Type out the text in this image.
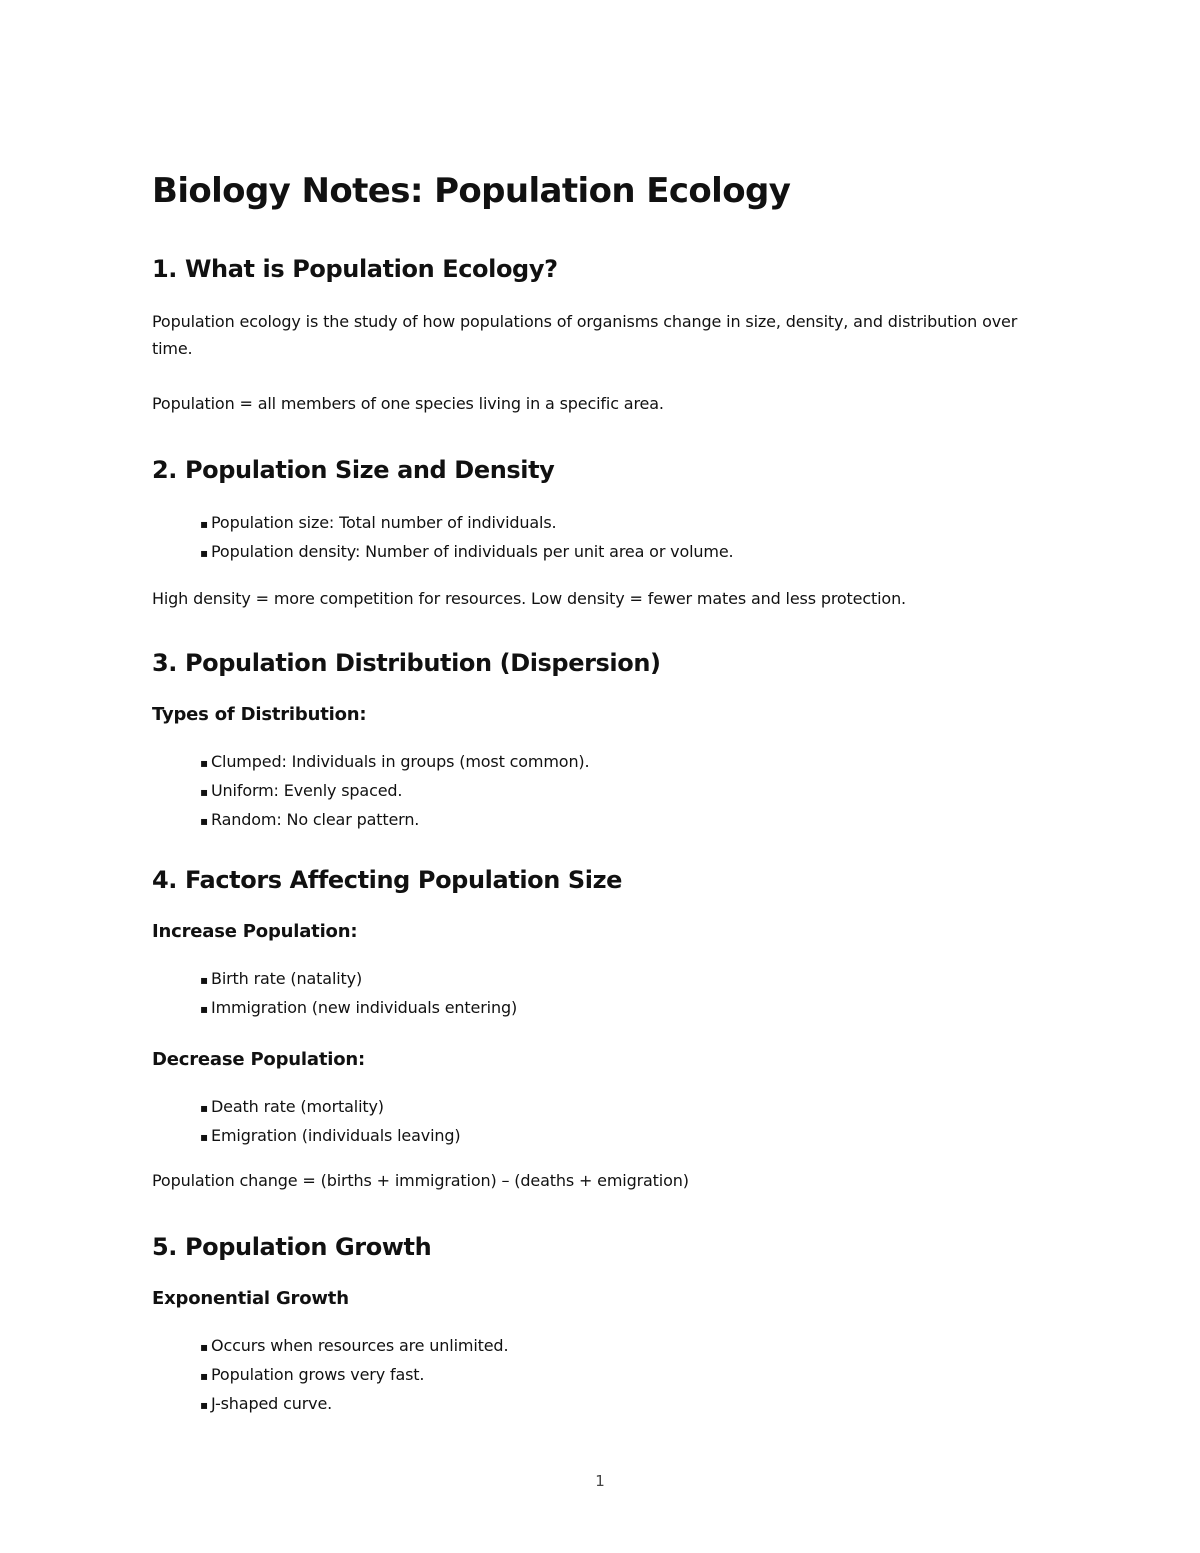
Biology Notes: Population Ecology
1. What is Population Ecology?

Population ecology is the study of how populations of organisms change in size, density, and distribution over time.

Population = all members of one species living in a specific area.

2. Population Size and Density
▪ Population size: Total number of individuals.
▪ Population density: Number of individuals per unit area or volume.

High density = more competition for resources. Low density = fewer mates and less protection.

3. Population Distribution (Dispersion)
Types of Distribution:
▪ Clumped: Individuals in groups (most common).
▪ Uniform: Evenly spaced.
▪ Random: No clear pattern.
4. Factors Affecting Population Size
Increase Population:
▪ Birth rate (natality)
▪ Immigration (new individuals entering)
Decrease Population:
▪ Death rate (mortality)
▪ Emigration (individuals leaving)

Population change = (births + immigration) – (deaths + emigration)

5. Population Growth
Exponential Growth
▪ Occurs when resources are unlimited.
▪ Population grows very fast.
▪ J-shaped curve.
1
